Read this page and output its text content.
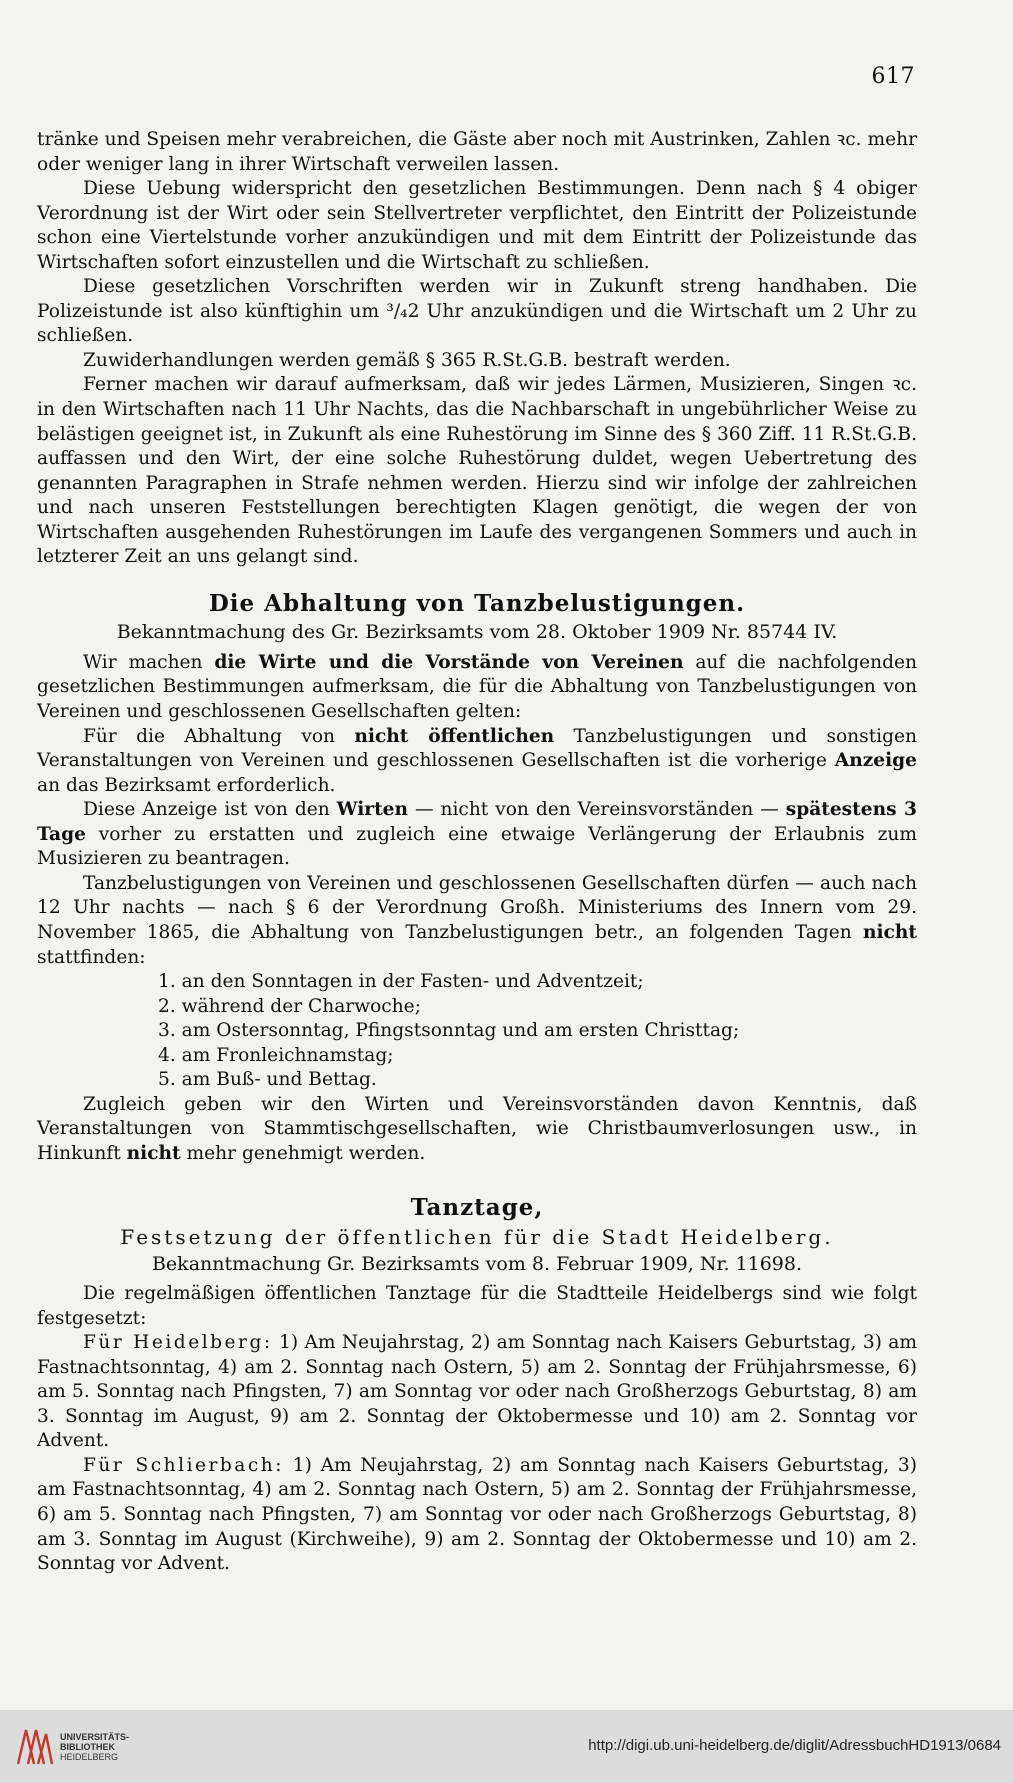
617

tränke und Speisen mehr verabreichen, die Gäste aber noch mit Austrinken, Zahlen ꝛc. mehr oder weniger lang in ihrer Wirtschaft verweilen lassen.

Diese Uebung widerspricht den gesetzlichen Bestimmungen. Denn nach § 4 obiger Verordnung ist der Wirt oder sein Stellvertreter verpflichtet, den Eintritt der Polizeistunde schon eine Viertelstunde vorher anzukündigen und mit dem Eintritt der Polizeistunde das Wirtschaften sofort einzustellen und die Wirtschaft zu schließen.

Diese gesetzlichen Vorschriften werden wir in Zukunft streng handhaben. Die Polizeistunde ist also künftighin um ³/₄2 Uhr anzukündigen und die Wirtschaft um 2 Uhr zu schließen.

Zuwiderhandlungen werden gemäß § 365 R.St.G.B. bestraft werden.

Ferner machen wir darauf aufmerksam, daß wir jedes Lärmen, Musizieren, Singen ꝛc. in den Wirtschaften nach 11 Uhr Nachts, das die Nachbarschaft in ungebührlicher Weise zu belästigen geeignet ist, in Zukunft als eine Ruhestörung im Sinne des § 360 Ziff. 11 R.St.G.B. auffassen und den Wirt, der eine solche Ruhestörung duldet, wegen Uebertretung des genannten Paragraphen in Strafe nehmen werden. Hierzu sind wir infolge der zahlreichen und nach unseren Feststellungen berechtigten Klagen genötigt, die wegen der von Wirtschaften ausgehenden Ruhestörungen im Laufe des vergangenen Sommers und auch in letzterer Zeit an uns gelangt sind.

Die Abhaltung von Tanzbelustigungen.
Bekanntmachung des Gr. Bezirksamts vom 28. Oktober 1909 Nr. 85744 IV.

Wir machen die Wirte und die Vorstände von Vereinen auf die nachfolgenden gesetzlichen Bestimmungen aufmerksam, die für die Abhaltung von Tanzbelustigungen von Vereinen und geschlossenen Gesellschaften gelten:

Für die Abhaltung von nicht öffentlichen Tanzbelustigungen und sonstigen Veranstaltungen von Vereinen und geschlossenen Gesellschaften ist die vorherige Anzeige an das Bezirksamt erforderlich.

Diese Anzeige ist von den Wirten — nicht von den Vereinsvorständen — spätestens 3 Tage vorher zu erstatten und zugleich eine etwaige Verlängerung der Erlaubnis zum Musizieren zu beantragen.

Tanzbelustigungen von Vereinen und geschlossenen Gesellschaften dürfen — auch nach 12 Uhr nachts — nach § 6 der Verordnung Großh. Ministeriums des Innern vom 29. November 1865, die Abhaltung von Tanzbelustigungen betr., an folgenden Tagen nicht stattfinden:

1. an den Sonntagen in der Fasten- und Adventzeit;
2. während der Charwoche;
3. am Ostersonntag, Pfingstsonntag und am ersten Christtag;
4. am Fronleichnamstag;
5. am Buß- und Bettag.

Zugleich geben wir den Wirten und Vereinsvorständen davon Kenntnis, daß Veranstaltungen von Stammtischgesellschaften, wie Christbaumverlosungen usw., in Hinkunft nicht mehr genehmigt werden.

Tanztage,
Festsetzung der öffentlichen für die Stadt Heidelberg.
Bekanntmachung Gr. Bezirksamts vom 8. Februar 1909, Nr. 11698.

Die regelmäßigen öffentlichen Tanztage für die Stadtteile Heidelbergs sind wie folgt festgesetzt:

Für Heidelberg: 1) Am Neujahrstag, 2) am Sonntag nach Kaisers Geburtstag, 3) am Fastnachtsonntag, 4) am 2. Sonntag nach Ostern, 5) am 2. Sonntag der Frühjahrsmesse, 6) am 5. Sonntag nach Pfingsten, 7) am Sonntag vor oder nach Großherzogs Geburtstag, 8) am 3. Sonntag im August, 9) am 2. Sonntag der Oktobermesse und 10) am 2. Sonntag vor Advent.

Für Schlierbach: 1) Am Neujahrstag, 2) am Sonntag nach Kaisers Geburtstag, 3) am Fastnachtsonntag, 4) am 2. Sonntag nach Ostern, 5) am 2. Sonntag der Frühjahrsmesse, 6) am 5. Sonntag nach Pfingsten, 7) am Sonntag vor oder nach Großherzogs Geburtstag, 8) am 3. Sonntag im August (Kirchweihe), 9) am 2. Sonntag der Oktobermesse und 10) am 2. Sonntag vor Advent.

UNIVERSITÄTS-
BIBLIOTHEK
HEIDELBERG
http://digi.ub.uni-heidelberg.de/diglit/AdressbuchHD1913/0684
